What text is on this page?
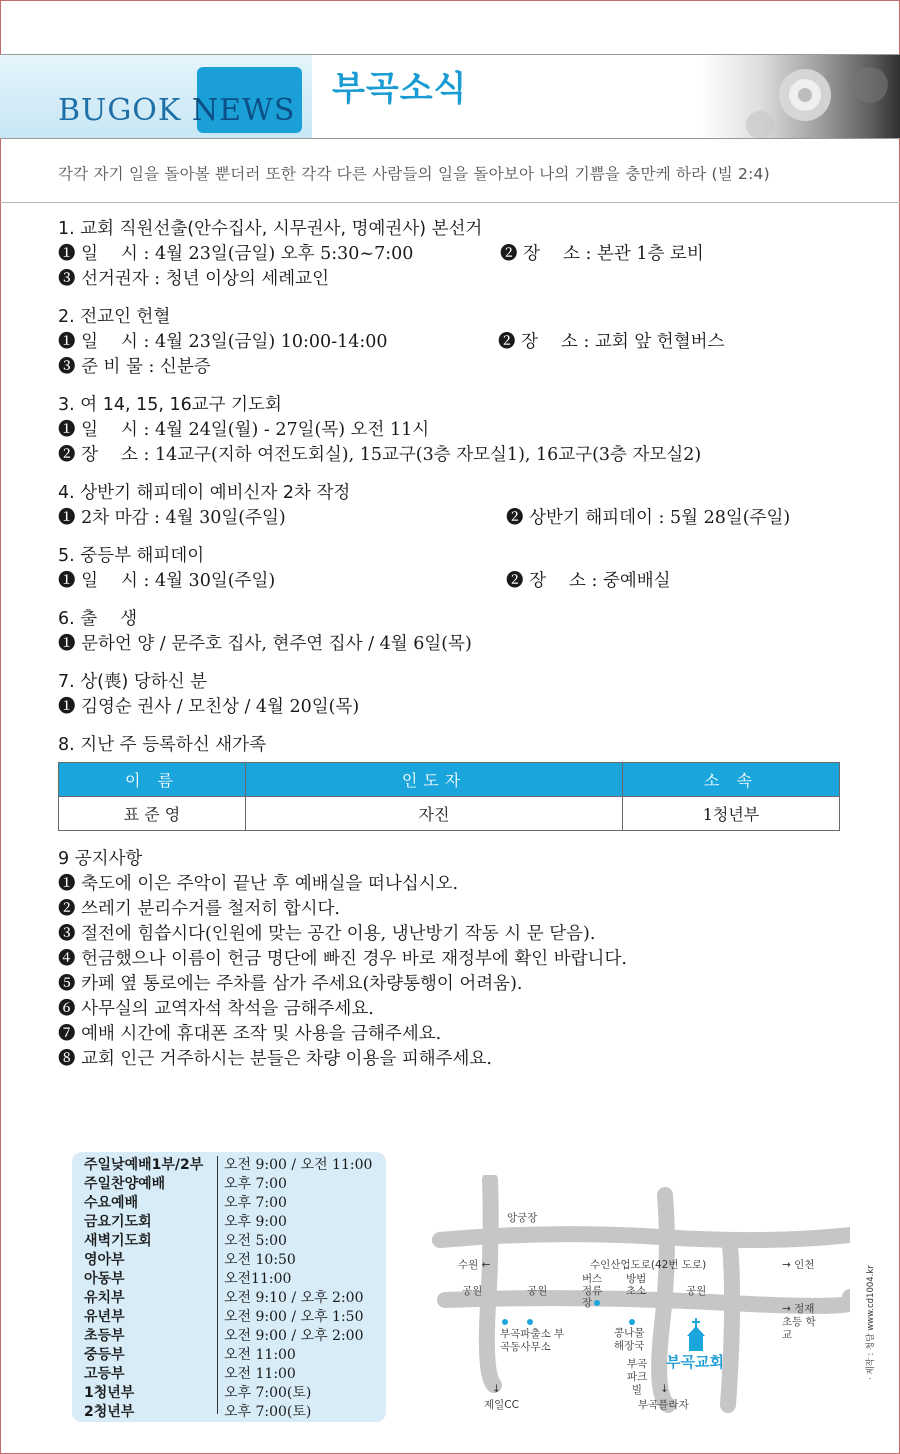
BUGOK NEWS
부곡소식
각각 자기 일을 돌아볼 뿐더러 또한 각각 다른 사람들의 일을 돌아보아 나의 기쁨을 충만케 하라 (빌 2:4)
1. 교회 직원선출(안수집사, 시무권사, 명예권사) 본선거
❶ 일　 시 : 4월 23일(금일) 오후 5:30~7:00	❷ 장　 소 : 본관 1층 로비
❸ 선거권자 : 청년 이상의 세례교인
2. 전교인 헌혈
❶ 일　 시 : 4월 23일(금일) 10:00-14:00	❷ 장　 소 : 교회 앞 헌혈버스
❸ 준 비 물 : 신분증
3. 여 14, 15, 16교구 기도회
❶ 일　 시 : 4월 24일(월) - 27일(목) 오전 11시
❷ 장　 소 : 14교구(지하 여전도회실), 15교구(3층 자모실1), 16교구(3층 자모실2)
4. 상반기 해피데이 예비신자 2차 작정
❶ 2차 마감 : 4월 30일(주일)	❷ 상반기 해피데이 : 5월 28일(주일)
5. 중등부 해피데이
❶ 일　 시 : 4월 30일(주일)	❷ 장　 소 : 중예배실
6. 출　 생
❶ 문하언 양 / 문주호 집사, 현주연 집사 / 4월 6일(목)
7. 상(喪) 당하신 분
❶ 김영순 권사 / 모친상 / 4월 20일(목)
8. 지난 주 등록하신 새가족
이 름	인도자	소 속
표 준 영	자진	1청년부
9 공지사항
❶ 축도에 이은 주악이 끝난 후 예배실을 떠나십시오.
❷ 쓰레기 분리수거를 철저히 합시다.
❸ 절전에 힘씁시다(인원에 맞는 공간 이용, 냉난방기 작동 시 문 닫음).
❹ 헌금했으나 이름이 헌금 명단에 빠진 경우 바로 재정부에 확인 바랍니다.
❺ 카페 옆 통로에는 주차를 삼가 주세요(차량통행이 어려움).
❻ 사무실의 교역자석 착석을 금해주세요.
❼ 예배 시간에 휴대폰 조작 및 사용을 금해주세요.
❽ 교회 인근 거주하시는 분들은 차량 이용을 피해주세요.
주일낮예배1부/2부 오전 9:00 / 오전 11:00
주일찬양예배	오후 7:00
수요예배	오후 7:00
금요기도회	오후 9:00
새벽기도회	오전 5:00
영아부	오전 10:50
아동부	오전11:00
유치부	오전 9:10 / 오후 2:00
유년부	오전 9:00 / 오후 1:50
초등부	오전 9:00 / 오후 2:00
중등부	오전 11:00
고등부	오전 11:00
1청년부	오후 7:00(토)
2청년부	오후 7:00(토)
앙궁장
수원 ←	수인산업도로(42번 도로)	→ 인천
공원	공원
버스 정류장
방범 초소	공원
→ 정재 초등 학교
부곡파출소 부곡동사무소
콩나물 해장국
부곡교회
부곡 파크빌
↓
제일CC
↓
부곡플라자
· 제작 : 청담 www.cd1004.kr
